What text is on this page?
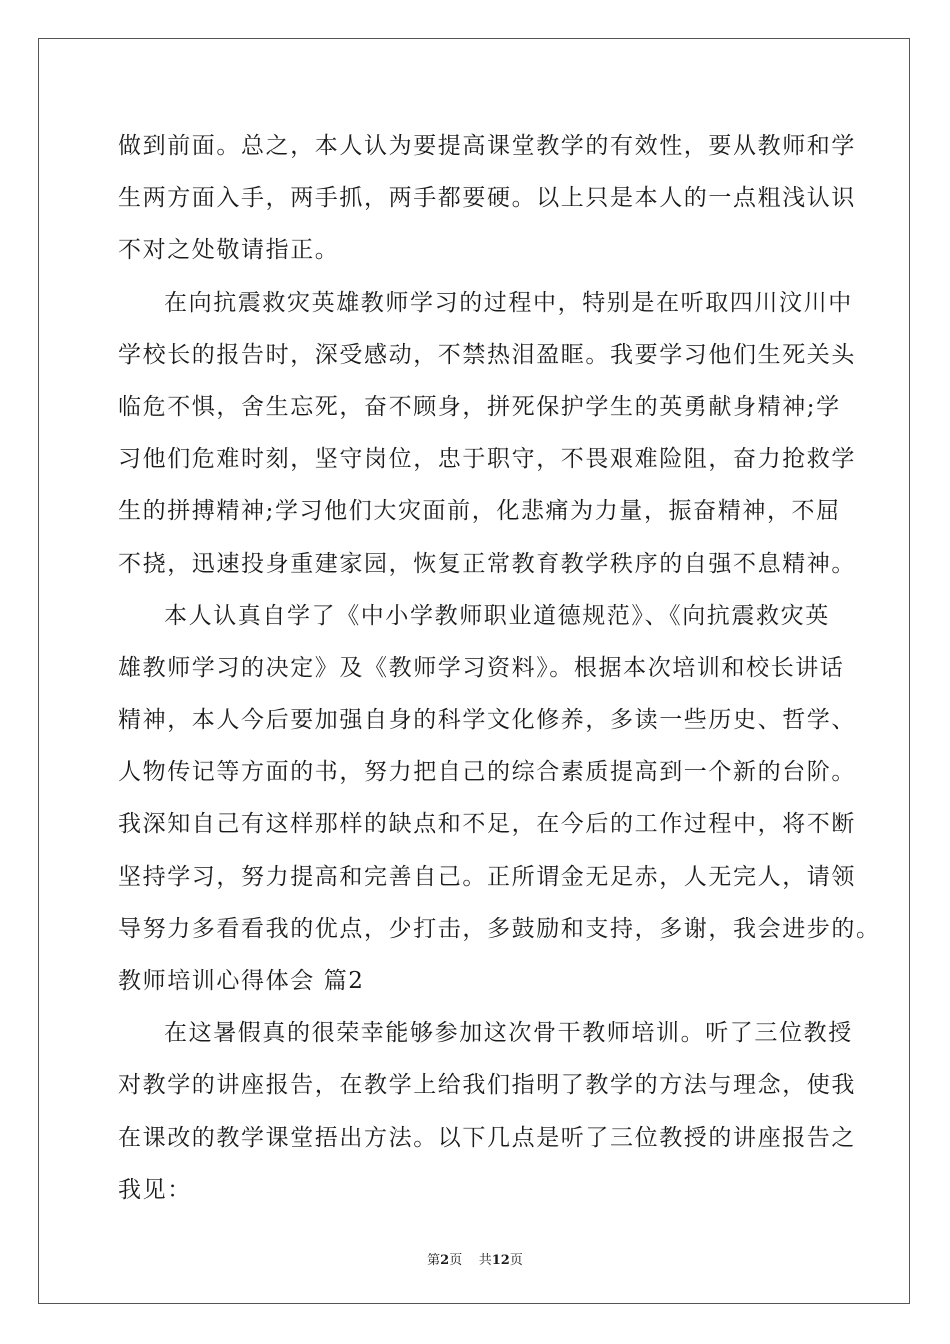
做到前面。总之，本人认为要提高课堂教学的有效性，要从教师和学
生两方面入手，两手抓，两手都要硬。以上只是本人的一点粗浅认识
不对之处敬请指正。
在向抗震救灾英雄教师学习的过程中，特别是在听取四川汶川中
学校长的报告时，深受感动，不禁热泪盈眶。我要学习他们生死关头
临危不惧，舍生忘死，奋不顾身，拼死保护学生的英勇献身精神;学
习他们危难时刻，坚守岗位，忠于职守，不畏艰难险阻，奋力抢救学
生的拼搏精神;学习他们大灾面前，化悲痛为力量，振奋精神，不屈
不挠，迅速投身重建家园，恢复正常教育教学秩序的自强不息精神。
本人认真自学了《中小学教师职业道德规范》、《向抗震救灾英
雄教师学习的决定》及《教师学习资料》。根据本次培训和校长讲话
精神，本人今后要加强自身的科学文化修养，多读一些历史、哲学、
人物传记等方面的书，努力把自己的综合素质提高到一个新的台阶。
我深知自己有这样那样的缺点和不足，在今后的工作过程中，将不断
坚持学习，努力提高和完善自己。正所谓金无足赤，人无完人，请领
导努力多看看我的优点，少打击，多鼓励和支持，多谢，我会进步的。
教师培训心得体会 篇2
在这暑假真的很荣幸能够参加这次骨干教师培训。听了三位教授
对教学的讲座报告，在教学上给我们指明了教学的方法与理念，使我
在课改的教学课堂捂出方法。以下几点是听了三位教授的讲座报告之
我见：
第2页 共12页
